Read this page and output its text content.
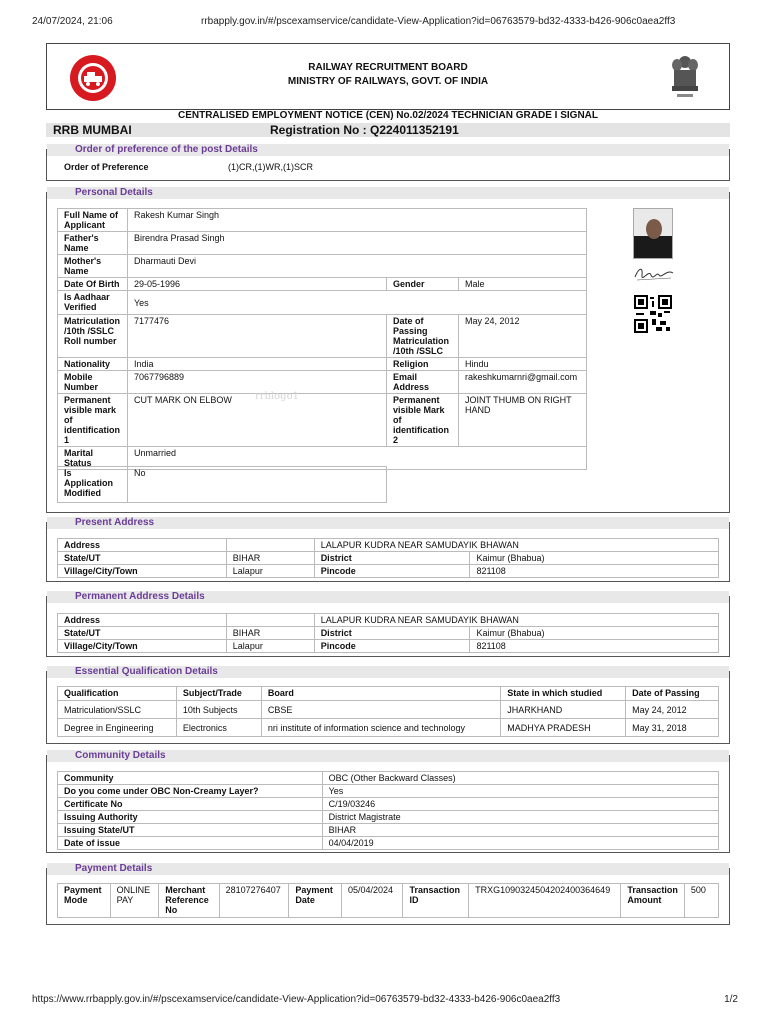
24/07/2024, 21:06	rrbapply.gov.in/#/pscexamservice/candidate-View-Application?id=06763579-bd32-4333-b426-906c0aea2ff3
RAILWAY RECRUITMENT BOARD
MINISTRY OF RAILWAYS, GOVT. OF INDIA
CENTRALISED EMPLOYMENT NOTICE (CEN) No.02/2024 TECHNICIAN GRADE I SIGNAL
RRB MUMBAI	Registration No : Q224011352191
Order of preference of the post Details
Order of Preference	(1)CR,(1)WR,(1)SCR
Personal Details
Full Name of Applicant	Rakesh Kumar Singh		
Father's Name	Birendra Prasad Singh		
Mother's Name	Dharmauti Devi		
Date Of Birth	29-05-1996	Gender	Male
Is Aadhaar Verified	Yes		
Matriculation /10th /SSLC Roll number	7177476	Date of Passing Matriculation /10th /SSLC	May 24, 2012
Nationality	India	Religion	Hindu
Mobile Number	7067796889	Email Address	rakeshkumarnri@gmail.com
Permanent visible mark of identification 1	CUT MARK ON ELBOW	Permanent visible Mark of identification 2	JOINT THUMB ON RIGHT HAND
Marital Status	Unmarried		
Is Application Modified	No
rrblogo1
Present Address
Address		LALAPUR KUDRA NEAR SAMUDAYIK BHAWAN	
State/UT	BIHAR	District	Kaimur (Bhabua)
Village/City/Town	Lalapur	Pincode	821108
Permanent Address Details
Address		LALAPUR KUDRA NEAR SAMUDAYIK BHAWAN	
State/UT	BIHAR	District	Kaimur (Bhabua)
Village/City/Town	Lalapur	Pincode	821108
Essential Qualification Details
Qualification	Subject/Trade	Board	State in which studied	Date of Passing
Matriculation/SSLC	10th Subjects	CBSE	JHARKHAND	May 24, 2012
Degree in Engineering	Electronics	nri institute of information science and technology	MADHYA PRADESH	May 31, 2018
Community Details
Community	OBC (Other Backward Classes)
Do you come under OBC Non-Creamy Layer?	Yes
Certificate No	C/19/03246
Issuing Authority	District Magistrate
Issuing State/UT	BIHAR
Date of issue	04/04/2019
Payment Details
Payment Mode	ONLINE PAY	Merchant Reference No	28107276407	Payment Date	05/04/2024	Transaction ID	TRXG1090324504202400364649	Transaction Amount	500
https://www.rrbapply.gov.in/#/pscexamservice/candidate-View-Application?id=06763579-bd32-4333-b426-906c0aea2ff3	1/2
